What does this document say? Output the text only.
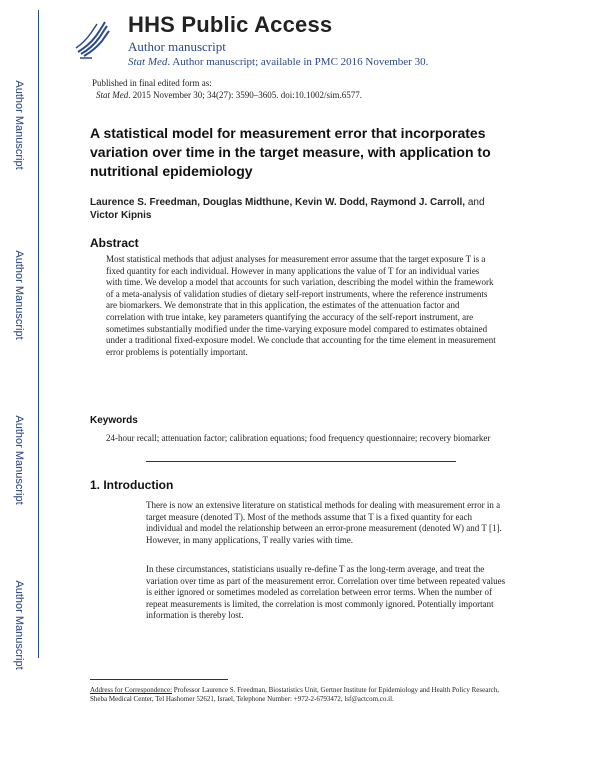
Author Manuscript
Author Manuscript
Author Manuscript
Author Manuscript
HHS Public Access
Author manuscript
Stat Med. Author manuscript; available in PMC 2016 November 30.
Published in final edited form as:
Stat Med. 2015 November 30; 34(27): 3590–3605. doi:10.1002/sim.6577.
A statistical model for measurement error that incorporates variation over time in the target measure, with application to nutritional epidemiology
Laurence S. Freedman, Douglas Midthune, Kevin W. Dodd, Raymond J. Carroll, and Victor Kipnis
Abstract

Most statistical methods that adjust analyses for measurement error assume that the target exposure T is a fixed quantity for each individual. However in many applications the value of T for an individual varies with time. We develop a model that accounts for such variation, describing the model within the framework of a meta-analysis of validation studies of dietary self-report instruments, where the reference instruments are biomarkers. We demonstrate that in this application, the estimates of the attenuation factor and correlation with true intake, key parameters quantifying the accuracy of the self-report instrument, are sometimes substantially modified under the time-varying exposure model compared to estimates obtained under a traditional fixed-exposure model. We conclude that accounting for the time element in measurement error problems is potentially important.

Keywords

24-hour recall; attenuation factor; calibration equations; food frequency questionnaire; recovery biomarker

1. Introduction

There is now an extensive literature on statistical methods for dealing with measurement error in a target measure (denoted T). Most of the methods assume that T is a fixed quantity for each individual and model the relationship between an error-prone measurement (denoted W) and T [1]. However, in many applications, T really varies with time.

In these circumstances, statisticians usually re-define T as the long-term average, and treat the variation over time as part of the measurement error. Correlation over time between repeated values is either ignored or sometimes modeled as correlation between error terms. When the number of repeat measurements is limited, the correlation is most commonly ignored. Potentially important information is thereby lost.

Address for Correspondence: Professor Laurence S. Freedman, Biostatistics Unit, Gertner Institute for Epidemiology and Health Policy Research, Sheba Medical Center, Tel Hashomer 52621, Israel, Telephone Number: +972-2-6793472, lsf@actcom.co.il.
